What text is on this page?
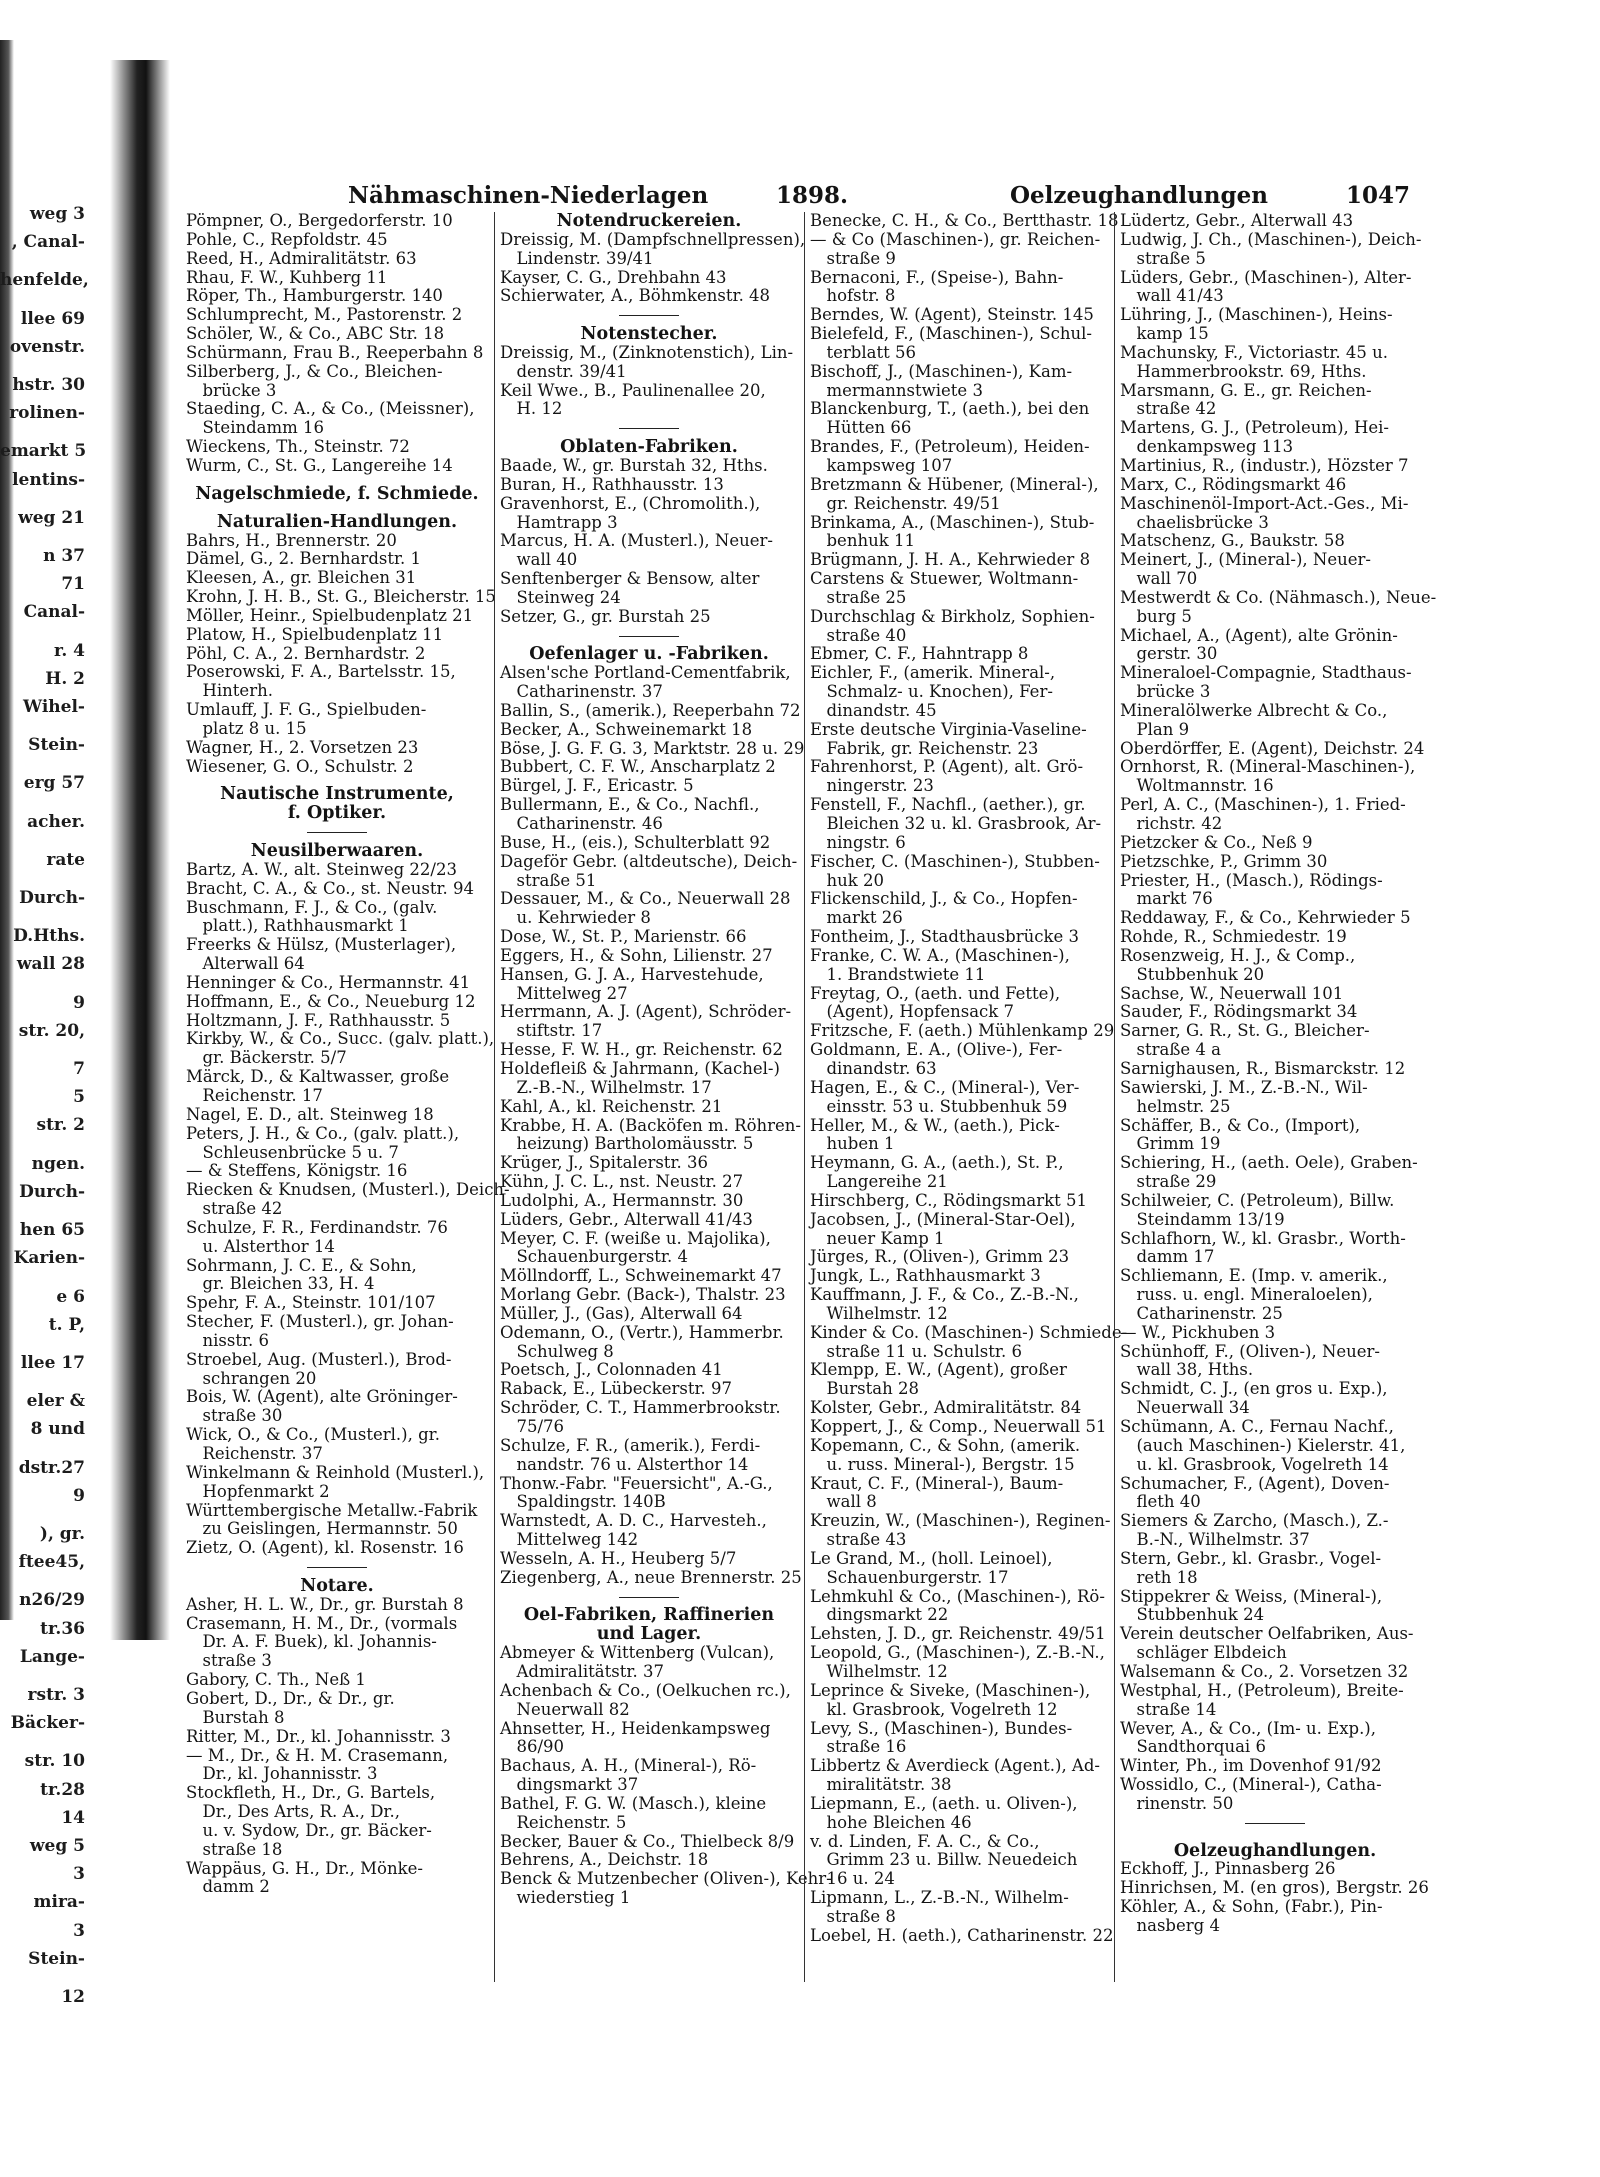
weg 3
, Canal-

henfelde,

llee 69
ovenstr.

hstr. 30
rolinen-

emarkt 5
lentins-

weg 21

n 37
71
Canal-

r. 4
H. 2
Wihel-

Stein-

erg 57

acher.

rate

Durch-

D.Hths.
wall 28

9
str. 20,

7
5
str. 2

ngen.
Durch-

hen 65
Karien-

e 6
t. P,

llee 17

eler &
8 und

dstr.27
9

), gr.
ftee45,

n26/29
tr.36
Lange-

rstr. 3
Bäcker-

str. 10
tr.28
14
weg 5
3
mira-
3
Stein-

12
Nähmaschinen-Niederlagen	1898.	Oelzeughandlungen	1047
Pömpner, O., Bergedorferstr. 10
Pohle, C., Repfoldstr. 45
Reed, H., Admiralitätstr. 63
Rhau, F. W., Kuhberg 11
Röper, Th., Hamburgerstr. 140
Schlumprecht, M., Pastorenstr. 2
Schöler, W., & Co., ABC Str. 18
Schürmann, Frau B., Reeperbahn 8
Silberberg, J., & Co., Bleichen-
 brücke 3
Staeding, C. A., & Co., (Meissner),
 Steindamm 16
Wieckens, Th., Steinstr. 72
Wurm, C., St. G., Langereihe 14
Nagelschmiede, f. Schmiede.
Naturalien-Handlungen.
Bahrs, H., Brennerstr. 20
Dämel, G., 2. Bernhardstr. 1
Kleesen, A., gr. Bleichen 31
Krohn, J. H. B., St. G., Bleicherstr. 15
Möller, Heinr., Spielbudenplatz 21
Platow, H., Spielbudenplatz 11
Pöhl, C. A., 2. Bernhardstr. 2
Poserowski, F. A., Bartelsstr. 15,
 Hinterh.
Umlauff, J. F. G., Spielbuden-
 platz 8 u. 15
Wagner, H., 2. Vorsetzen 23
Wiesener, G. O., Schulstr. 2
Nautische Instrumente,
f. Optiker.
Neusilberwaaren.
Bartz, A. W., alt. Steinweg 22/23
Bracht, C. A., & Co., st. Neustr. 94
Buschmann, F. J., & Co., (galv.
 platt.), Rathhausmarkt 1
Freerks & Hülsz, (Musterlager),
 Alterwall 64
Henninger & Co., Hermannstr. 41
Hoffmann, E., & Co., Neueburg 12
Holtzmann, J. F., Rathhausstr. 5
Kirkby, W., & Co., Succ. (galv. platt.),
 gr. Bäckerstr. 5/7
Märck, D., & Kaltwasser, große
 Reichenstr. 17
Nagel, E. D., alt. Steinweg 18
Peters, J. H., & Co., (galv. platt.),
 Schleusenbrücke 5 u. 7
— & Steffens, Königstr. 16
Riecken & Knudsen, (Musterl.), Deich-
 straße 42
Schulze, F. R., Ferdinandstr. 76
 u. Alsterthor 14
Sohrmann, J. C. E., & Sohn,
 gr. Bleichen 33, H. 4
Spehr, F. A., Steinstr. 101/107
Stecher, F. (Musterl.), gr. Johan-
 nisstr. 6
Stroebel, Aug. (Musterl.), Brod-
 schrangen 20
Bois, W. (Agent), alte Gröninger-
 straße 30
Wick, O., & Co., (Musterl.), gr.
 Reichenstr. 37
Winkelmann & Reinhold (Musterl.),
 Hopfenmarkt 2
Württembergische Metallw.-Fabrik
 zu Geislingen, Hermannstr. 50
Zietz, O. (Agent), kl. Rosenstr. 16
Notare.
Asher, H. L. W., Dr., gr. Burstah 8
Crasemann, H. M., Dr., (vormals
 Dr. A. F. Buek), kl. Johannis-
 straße 3
Gabory, C. Th., Neß 1
Gobert, D., Dr., & Dr., gr.
 Burstah 8
Ritter, M., Dr., kl. Johannisstr. 3
— M., Dr., & H. M. Crasemann,
 Dr., kl. Johannisstr. 3
Stockfleth, H., Dr., G. Bartels,
 Dr., Des Arts, R. A., Dr.,
 u. v. Sydow, Dr., gr. Bäcker-
 straße 18
Wappäus, G. H., Dr., Mönke-
 damm 2
Notendruckereien.
Dreissig, M. (Dampfschnellpressen),
 Lindenstr. 39/41
Kayser, C. G., Drehbahn 43
Schierwater, A., Böhmkenstr. 48
Notenstecher.
Dreissig, M., (Zinknotenstich), Lin-
 denstr. 39/41
Keil Wwe., B., Paulinenallee 20,
 H. 12
Oblaten-Fabriken.
Baade, W., gr. Burstah 32, Hths.
Buran, H., Rathhausstr. 13
Gravenhorst, E., (Chromolith.),
 Hamtrapp 3
Marcus, H. A. (Musterl.), Neuer-
 wall 40
Senftenberger & Bensow, alter
 Steinweg 24
Setzer, G., gr. Burstah 25
Oefenlager u. -Fabriken.
Alsen'sche Portland-Cementfabrik,
 Catharinenstr. 37
Ballin, S., (amerik.), Reeperbahn 72
Becker, A., Schweinemarkt 18
Böse, J. G. F. G. 3, Marktstr. 28 u. 29
Bubbert, C. F. W., Anscharplatz 2
Bürgel, J. F., Ericastr. 5
Bullermann, E., & Co., Nachfl.,
 Catharinenstr. 46
Buse, H., (eis.), Schulterblatt 92
Dageför Gebr. (altdeutsche), Deich-
 straße 51
Dessauer, M., & Co., Neuerwall 28
 u. Kehrwieder 8
Dose, W., St. P., Marienstr. 66
Eggers, H., & Sohn, Lilienstr. 27
Hansen, G. J. A., Harvestehude,
 Mittelweg 27
Herrmann, A. J. (Agent), Schröder-
 stiftstr. 17
Hesse, F. W. H., gr. Reichenstr. 62
Holdefleiß & Jahrmann, (Kachel-)
 Z.-B.-N., Wilhelmstr. 17
Kahl, A., kl. Reichenstr. 21
Krabbe, H. A. (Backöfen m. Röhren-
 heizung) Bartholomäusstr. 5
Krüger, J., Spitalerstr. 36
Kühn, J. C. L., nst. Neustr. 27
Ludolphi, A., Hermannstr. 30
Lüders, Gebr., Alterwall 41/43
Meyer, C. F. (weiße u. Majolika),
 Schauenburgerstr. 4
Möllndorff, L., Schweinemarkt 47
Morlang Gebr. (Back-), Thalstr. 23
Müller, J., (Gas), Alterwall 64
Odemann, O., (Vertr.), Hammerbr.
 Schulweg 8
Poetsch, J., Colonnaden 41
Raback, E., Lübeckerstr. 97
Schröder, C. T., Hammerbrookstr.
 75/76
Schulze, F. R., (amerik.), Ferdi-
 nandstr. 76 u. Alsterthor 14
Thonw.-Fabr. "Feuersicht", A.-G.,
 Spaldingstr. 140B
Warnstedt, A. D. C., Harvesteh.,
 Mittelweg 142
Wesseln, A. H., Heuberg 5/7
Ziegenberg, A., neue Brennerstr. 25
Oel-Fabriken, Raffinerien
und Lager.
Abmeyer & Wittenberg (Vulcan),
 Admiralitätstr. 37
Achenbach & Co., (Oelkuchen rc.),
 Neuerwall 82
Ahnsetter, H., Heidenkampsweg
 86/90
Bachaus, A. H., (Mineral-), Rö-
 dingsmarkt 37
Bathel, F. G. W. (Masch.), kleine
 Reichenstr. 5
Becker, Bauer & Co., Thielbeck 8/9
Behrens, A., Deichstr. 18
Benck & Mutzenbecher (Oliven-), Kehr-
 wiederstieg 1
Benecke, C. H., & Co., Bertthastr. 18
— & Co (Maschinen-), gr. Reichen-
 straße 9
Bernaconi, F., (Speise-), Bahn-
 hofstr. 8
Berndes, W. (Agent), Steinstr. 145
Bielefeld, F., (Maschinen-), Schul-
 terblatt 56
Bischoff, J., (Maschinen-), Kam-
 mermannstwiete 3
Blanckenburg, T., (aeth.), bei den
 Hütten 66
Brandes, F., (Petroleum), Heiden-
 kampsweg 107
Bretzmann & Hübener, (Mineral-),
 gr. Reichenstr. 49/51
Brinkama, A., (Maschinen-), Stub-
 benhuk 11
Brügmann, J. H. A., Kehrwieder 8
Carstens & Stuewer, Woltmann-
 straße 25
Durchschlag & Birkholz, Sophien-
 straße 40
Ebmer, C. F., Hahntrapp 8
Eichler, F., (amerik. Mineral-,
 Schmalz- u. Knochen), Fer-
 dinandstr. 45
Erste deutsche Virginia-Vaseline-
 Fabrik, gr. Reichenstr. 23
Fahrenhorst, P. (Agent), alt. Grö-
 ningerstr. 23
Fenstell, F., Nachfl., (aether.), gr.
 Bleichen 32 u. kl. Grasbrook, Ar-
 ningstr. 6
Fischer, C. (Maschinen-), Stubben-
 huk 20
Flickenschild, J., & Co., Hopfen-
 markt 26
Fontheim, J., Stadthausbrücke 3
Franke, C. W. A., (Maschinen-),
 1. Brandstwiete 11
Freytag, O., (aeth. und Fette),
 (Agent), Hopfensack 7
Fritzsche, F. (aeth.) Mühlenkamp 29
Goldmann, E. A., (Olive-), Fer-
 dinandstr. 63
Hagen, E., & C., (Mineral-), Ver-
 einsstr. 53 u. Stubbenhuk 59
Heller, M., & W., (aeth.), Pick-
 huben 1
Heymann, G. A., (aeth.), St. P.,
 Langereihe 21
Hirschberg, C., Rödingsmarkt 51
Jacobsen, J., (Mineral-Star-Oel),
 neuer Kamp 1
Jürges, R., (Oliven-), Grimm 23
Jungk, L., Rathhausmarkt 3
Kauffmann, J. F., & Co., Z.-B.-N.,
 Wilhelmstr. 12
Kinder & Co. (Maschinen-) Schmiede-
 straße 11 u. Schulstr. 6
Klempp, E. W., (Agent), großer
 Burstah 28
Kolster, Gebr., Admiralitätstr. 84
Koppert, J., & Comp., Neuerwall 51
Kopemann, C., & Sohn, (amerik.
 u. russ. Mineral-), Bergstr. 15
Kraut, C. F., (Mineral-), Baum-
 wall 8
Kreuzin, W., (Maschinen-), Reginen-
 straße 43
Le Grand, M., (holl. Leinoel),
 Schauenburgerstr. 17
Lehmkuhl & Co., (Maschinen-), Rö-
 dingsmarkt 22
Lehsten, J. D., gr. Reichenstr. 49/51
Leopold, G., (Maschinen-), Z.-B.-N.,
 Wilhelmstr. 12
Leprince & Siveke, (Maschinen-),
 kl. Grasbrook, Vogelreth 12
Levy, S., (Maschinen-), Bundes-
 straße 16
Libbertz & Averdieck (Agent.), Ad-
 miralitätstr. 38
Liepmann, E., (aeth. u. Oliven-),
 hohe Bleichen 46
v. d. Linden, F. A. C., & Co.,
 Grimm 23 u. Billw. Neuedeich
 16 u. 24
Lipmann, L., Z.-B.-N., Wilhelm-
 straße 8
Loebel, H. (aeth.), Catharinenstr. 22
Lüdertz, Gebr., Alterwall 43
Ludwig, J. Ch., (Maschinen-), Deich-
 straße 5
Lüders, Gebr., (Maschinen-), Alter-
 wall 41/43
Lühring, J., (Maschinen-), Heins-
 kamp 15
Machunsky, F., Victoriastr. 45 u.
 Hammerbrookstr. 69, Hths.
Marsmann, G. E., gr. Reichen-
 straße 42
Martens, G. J., (Petroleum), Hei-
 denkampsweg 113
Martinius, R., (industr.), Hözster 7
Marx, C., Rödingsmarkt 46
Maschinenöl-Import-Act.-Ges., Mi-
 chaelisbrücke 3
Matschenz, G., Baukstr. 58
Meinert, J., (Mineral-), Neuer-
 wall 70
Mestwerdt & Co. (Nähmasch.), Neue-
 burg 5
Michael, A., (Agent), alte Grönin-
 gerstr. 30
Mineraloel-Compagnie, Stadthaus-
 brücke 3
Mineralölwerke Albrecht & Co.,
 Plan 9
Oberdörffer, E. (Agent), Deichstr. 24
Ornhorst, R. (Mineral-Maschinen-),
 Woltmannstr. 16
Perl, A. C., (Maschinen-), 1. Fried-
 richstr. 42
Pietzcker & Co., Neß 9
Pietzschke, P., Grimm 30
Priester, H., (Masch.), Rödings-
 markt 76
Reddaway, F., & Co., Kehrwieder 5
Rohde, R., Schmiedestr. 19
Rosenzweig, H. J., & Comp.,
 Stubbenhuk 20
Sachse, W., Neuerwall 101
Sauder, F., Rödingsmarkt 34
Sarner, G. R., St. G., Bleicher-
 straße 4 a
Sarnighausen, R., Bismarckstr. 12
Sawierski, J. M., Z.-B.-N., Wil-
 helmstr. 25
Schäffer, B., & Co., (Import),
 Grimm 19
Schiering, H., (aeth. Oele), Graben-
 straße 29
Schilweier, C. (Petroleum), Billw.
 Steindamm 13/19
Schlafhorn, W., kl. Grasbr., Worth-
 damm 17
Schliemann, E. (Imp. v. amerik.,
 russ. u. engl. Mineraloelen),
 Catharinenstr. 25
— W., Pickhuben 3
Schünhoff, F., (Oliven-), Neuer-
 wall 38, Hths.
Schmidt, C. J., (en gros u. Exp.),
 Neuerwall 34
Schümann, A. C., Fernau Nachf.,
 (auch Maschinen-) Kielerstr. 41,
 u. kl. Grasbrook, Vogelreth 14
Schumacher, F., (Agent), Doven-
 fleth 40
Siemers & Zarcho, (Masch.), Z.-
 B.-N., Wilhelmstr. 37
Stern, Gebr., kl. Grasbr., Vogel-
 reth 18
Stippekrer & Weiss, (Mineral-),
 Stubbenhuk 24
Verein deutscher Oelfabriken, Aus-
 schläger Elbdeich
Walsemann & Co., 2. Vorsetzen 32
Westphal, H., (Petroleum), Breite-
 straße 14
Wever, A., & Co., (Im- u. Exp.),
 Sandthorquai 6
Winter, Ph., im Dovenhof 91/92
Wossidlo, C., (Mineral-), Catha-
 rinenstr. 50
Oelzeughandlungen.
Eckhoff, J., Pinnasberg 26
Hinrichsen, M. (en gros), Bergstr. 26
Köhler, A., & Sohn, (Fabr.), Pin-
 nasberg 4
